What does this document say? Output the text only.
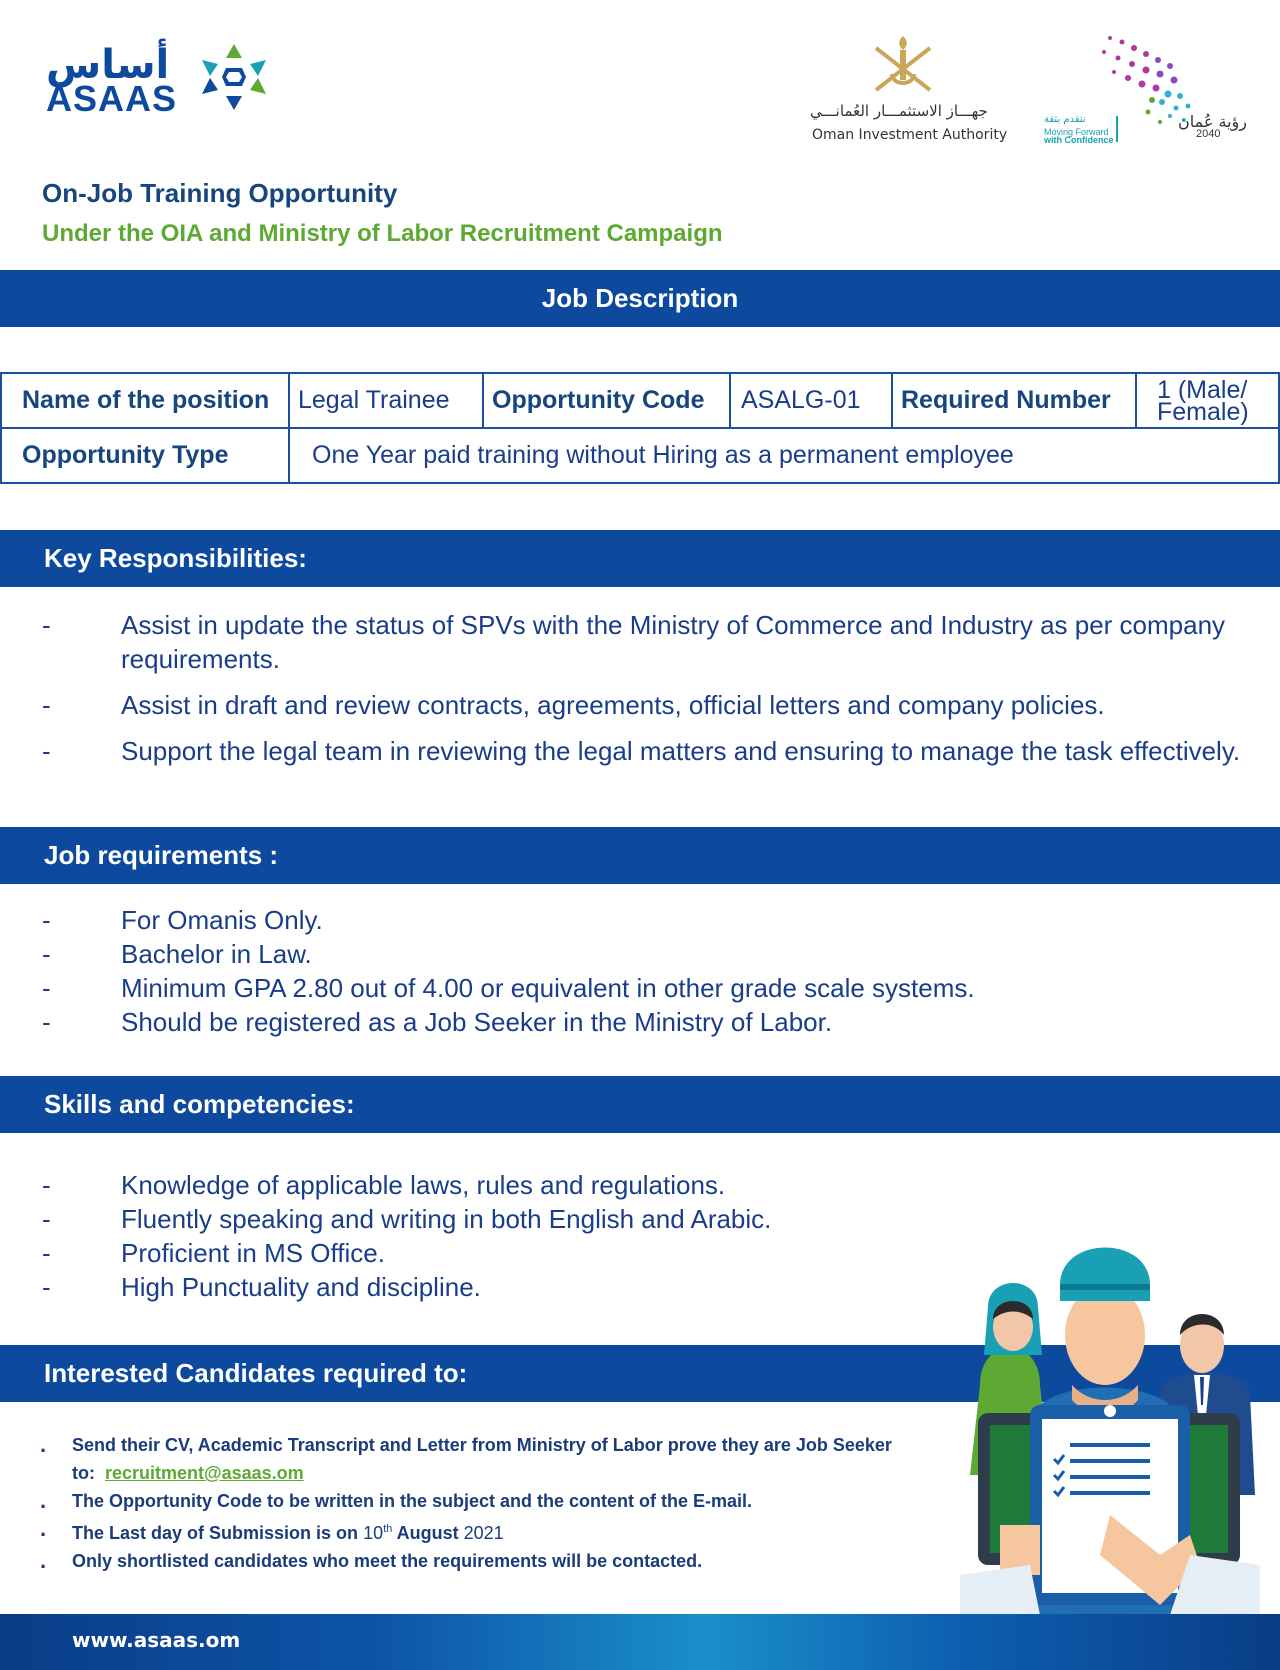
أساس
ASAAS	جهـــاز الاستثمـــار العُمانـــي
Oman Investment Authority
نتقدم بثقة
Moving Forward
with Confidence
رؤية عُمان
2040
On-Job Training Opportunity
Under the OIA and Ministry of Labor Recruitment Campaign
Job Description
Name of the position	Legal Trainee	Opportunity Code	ASALG-01	Required Number	1 (Male/
Female)

Opportunity Type	One Year paid training without Hiring as a permanent employee				
Key Responsibilities:
-	Assist in update the status of SPVs with the Ministry of Commerce and Industry as per company requirements.
-	Assist in draft and review contracts, agreements, official letters and company policies.
-	Support the legal team in reviewing the legal matters and ensuring to manage the task effectively.
Job requirements :
-	For Omanis Only.
-	Bachelor in Law.
-	Minimum GPA 2.80 out of 4.00 or equivalent in other grade scale systems.
-	Should be registered as a Job Seeker in the Ministry of Labor.
Skills and competencies:
-	Knowledge of applicable laws, rules and regulations.
-	Fluently speaking and writing in both English and Arabic.
-	Proficient in MS Office.
-	High Punctuality and discipline.
Interested Candidates required to:
. Send their CV, Academic Transcript and Letter from Ministry of Labor prove they are Job Seeker
to: recruitment@asaas.om
. The Opportunity Code to be written in the subject and the content of the E-mail.
. The Last day of Submission is on 10th August 2021
. Only shortlisted candidates who meet the requirements will be contacted.
www.asaas.om
